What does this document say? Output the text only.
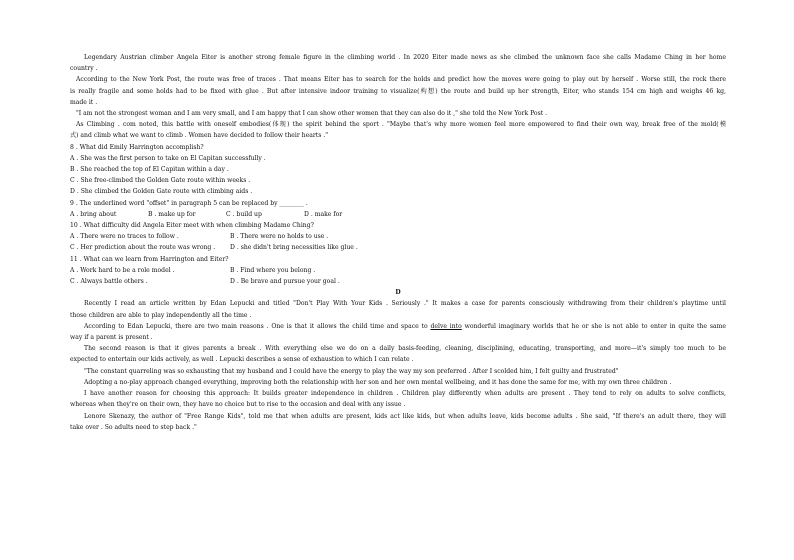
Legendary Austrian climber Angela Eiter is another strong female figure in the climbing world . In 2020 Eiter made news as she climbed the unknown face she calls Madame Ching in her home
country .
According to the New York Post, the route was free of traces . That means Eiter has to search for the holds and predict how the moves were going to play out by herself . Worse still, the rock there
is really fragile and some holds had to be fixed with glue . But after intensive indoor training to visualize(构想) the route and build up her strength, Eiter, who stands 154 cm high and weighs 46 kg,
made it .
"I am not the strongest woman and I am very small, and I am happy that I can show other women that they can also do it ," she told the New York Post .
As Climbing . com noted, this battle with oneself embodies(体现) the spirit behind the sport . "Maybe that's why more women feel more empowered to find their own way, break free of the mold(模
式) and climb what we want to climb . Women have decided to follow their hearts ."
8 . What did Emily Harrington accomplish?
A . She was the first person to take on El Capitan successfully .
B . She reached the top of El Capitan within a day .
C . She free-climbed the Golden Gate route within weeks .
D . She climbed the Golden Gate route with climbing aids .
9 . The underlined word "offset" in paragraph 5 can be replaced by ________ .
A . bring about	B . make up for	C . build up	D . make for
10 . What difficulty did Angela Eiter meet with when climbing Madame Ching?
A . There were no traces to follow .	B . There were no holds to use .
C . Her prediction about the route was wrong .	D . she didn't bring necessities like glue .
11 . What can we learn from Harrington and Eiter?
A . Work hard to be a role model .	B . Find where you belong .
C . Always battle others .	D . Be brave and pursue your goal .
D
Recently I read an article written by Edan Lepucki and titled "Don't Play With Your Kids . Seriously ." It makes a case for parents consciously withdrawing from their children's playtime until
those children are able to play independently all the time .
According to Edan Lepucki, there are two main reasons . One is that it allows the child time and space to delve into wonderful imaginary worlds that he or she is not able to enter in quite the same
way if a parent is present .
The second reason is that it gives parents a break . With everything else we do on a daily basis-feeding, cleaning, disciplining, educating, transporting, and more—it's simply too much to be
expected to entertain our kids actively, as well . Lepucki describes a sense of exhaustion to which I can relate .
"The constant quarreling was so exhausting that my husband and I could have the energy to play the way my son preferred . After I scolded him, I felt guilty and frustrated"
Adopting a no-play approach changed everything, improving both the relationship with her son and her own mental wellbeing, and it has done the same for me, with my own three children .
I have another reason for choosing this approach: It builds greater independence in children . Children play differently when adults are present . They tend to rely on adults to solve conflicts,
whereas when they're on their own, they have no choice but to rise to the occasion and deal with any issue .
Lenore Skenazy, the author of "Free Range Kids", told me that when adults are present, kids act like kids, but when adults leave, kids become adults . She said, "If there's an adult there, they will
take over . So adults need to step back ."
